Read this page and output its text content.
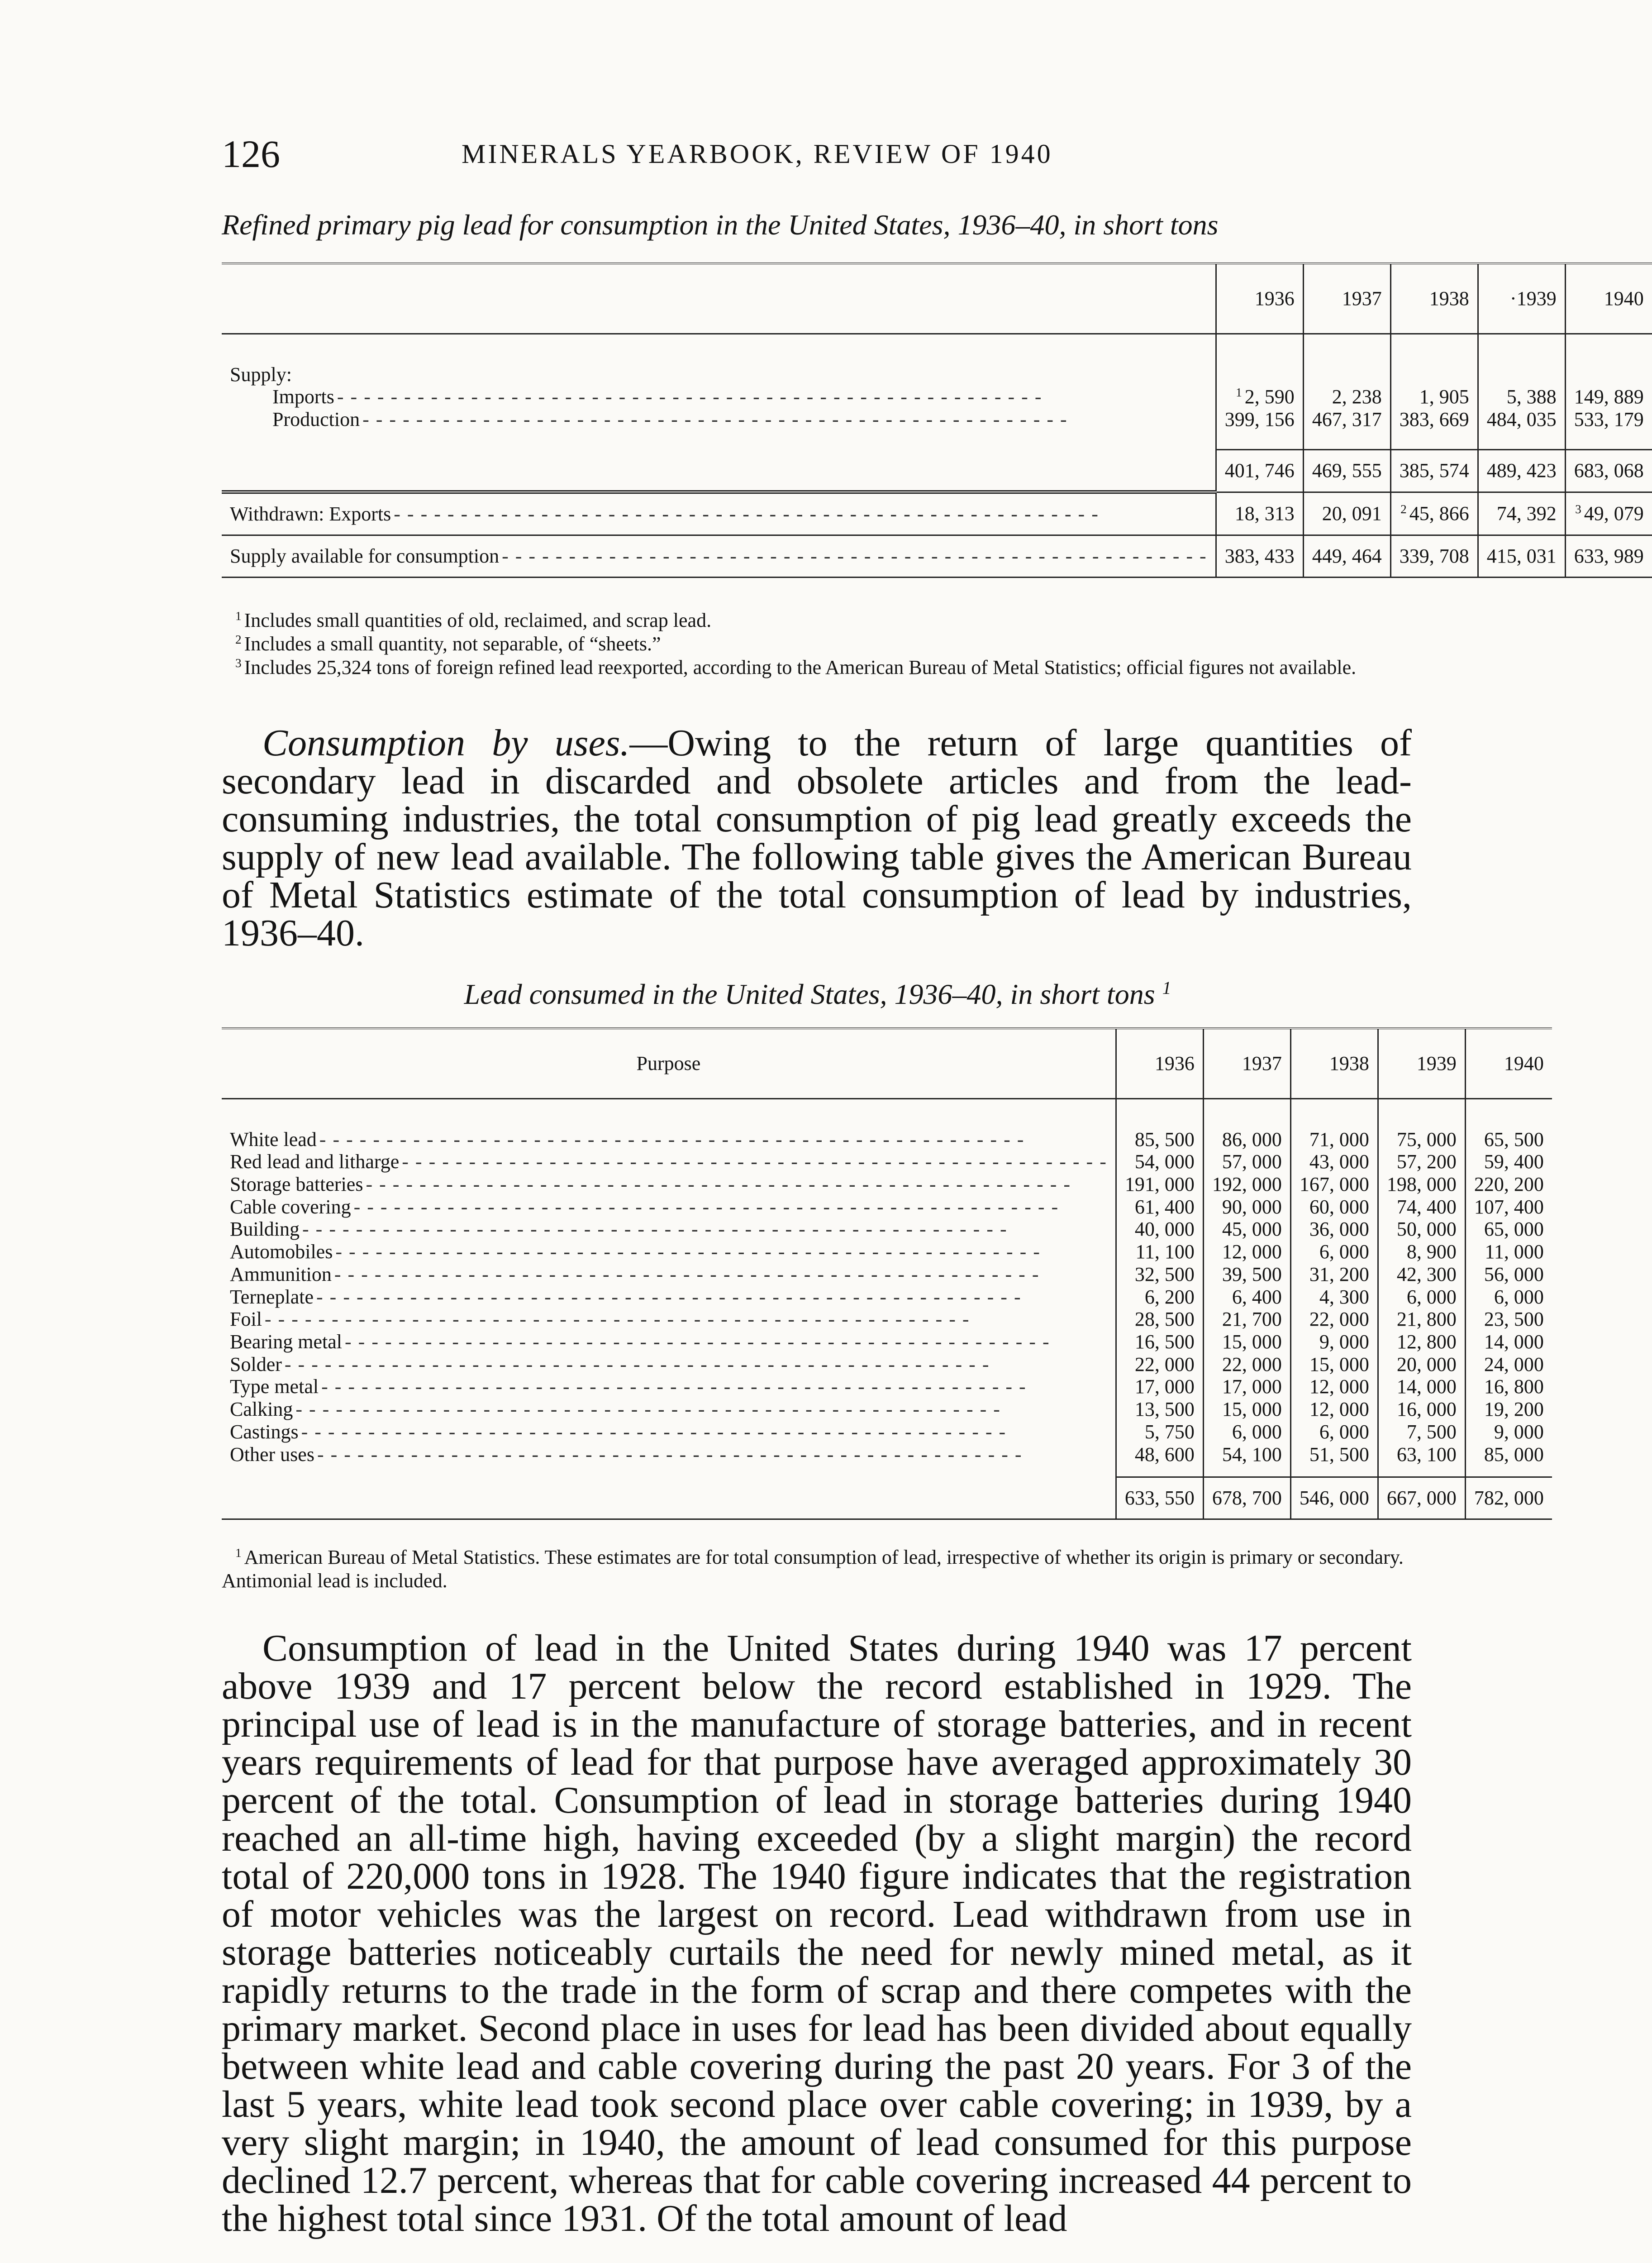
126	MINERALS YEARBOOK, REVIEW OF 1940
Refined primary pig lead for consumption in the United States, 1936–40, in short tons
	1936	1937	1938	·1939	1940

Supply:					
Imports - - -	$^1$ 2, 590	2, 238	1, 905	5, 388	149, 889
Production - - -	399, 156	467, 317	383, 669	484, 035	533, 179

	401, 746	469, 555	385, 574	489, 423	683, 068
Withdrawn: Exports - - -	18, 313	20, 091	$^2$ 45, 866	74, 392	$^3$ 49, 079
Supply available for consumption - - -	383, 433	449, 464	339, 708	415, 031	633, 989

$^1$ Includes small quantities of old, reclaimed, and scrap lead.

$^2$ Includes a small quantity, not separable, of “sheets.”

$^3$ Includes 25,324 tons of foreign refined lead reexported, according to the American Bureau of Metal Statistics; official figures not available.

Consumption by uses.—Owing to the return of large quantities of secondary lead in discarded and obsolete articles and from the lead-consuming industries, the total consumption of pig lead greatly exceeds the supply of new lead available. The following table gives the American Bureau of Metal Statistics estimate of the total consumption of lead by industries, 1936–40.

Lead consumed in the United States, 1936–40, in short tons $^1$
Purpose	1936	1937	1938	1939	1940

White lead - - -	85, 500	86, 000	71, 000	75, 000	65, 500
Red lead and litharge - - -	54, 000	57, 000	43, 000	57, 200	59, 400
Storage batteries - - -	191, 000	192, 000	167, 000	198, 000	220, 200
Cable covering - - -	61, 400	90, 000	60, 000	74, 400	107, 400
Building - - -	40, 000	45, 000	36, 000	50, 000	65, 000
Automobiles - - -	11, 100	12, 000	6, 000	8, 900	11, 000
Ammunition - - -	32, 500	39, 500	31, 200	42, 300	56, 000
Terneplate - - -	6, 200	6, 400	4, 300	6, 000	6, 000
Foil - - -	28, 500	21, 700	22, 000	21, 800	23, 500
Bearing metal - - -	16, 500	15, 000	9, 000	12, 800	14, 000
Solder - - -	22, 000	22, 000	15, 000	20, 000	24, 000
Type metal - - -	17, 000	17, 000	12, 000	14, 000	16, 800
Calking - - -	13, 500	15, 000	12, 000	16, 000	19, 200
Castings - - -	5, 750	6, 000	6, 000	7, 500	9, 000
Other uses - - -	48, 600	54, 100	51, 500	63, 100	85, 000

	633, 550	678, 700	546, 000	667, 000	782, 000

$^1$ American Bureau of Metal Statistics. These estimates are for total consumption of lead, irrespective of whether its origin is primary or secondary. Antimonial lead is included.

Consumption of lead in the United States during 1940 was 17 percent above 1939 and 17 percent below the record established in 1929. The principal use of lead is in the manufacture of storage batteries, and in recent years requirements of lead for that purpose have averaged approximately 30 percent of the total. Consumption of lead in storage batteries during 1940 reached an all-time high, having exceeded (by a slight margin) the record total of 220,000 tons in 1928. The 1940 figure indicates that the registration of motor vehicles was the largest on record. Lead withdrawn from use in storage batteries noticeably curtails the need for newly mined metal, as it rapidly returns to the trade in the form of scrap and there competes with the primary market. Second place in uses for lead has been divided about equally between white lead and cable covering during the past 20 years. For 3 of the last 5 years, white lead took second place over cable covering; in 1939, by a very slight margin; in 1940, the amount of lead consumed for this purpose declined 12.7 percent, whereas that for cable covering increased 44 percent to the highest total since 1931. Of the total amount of lead
